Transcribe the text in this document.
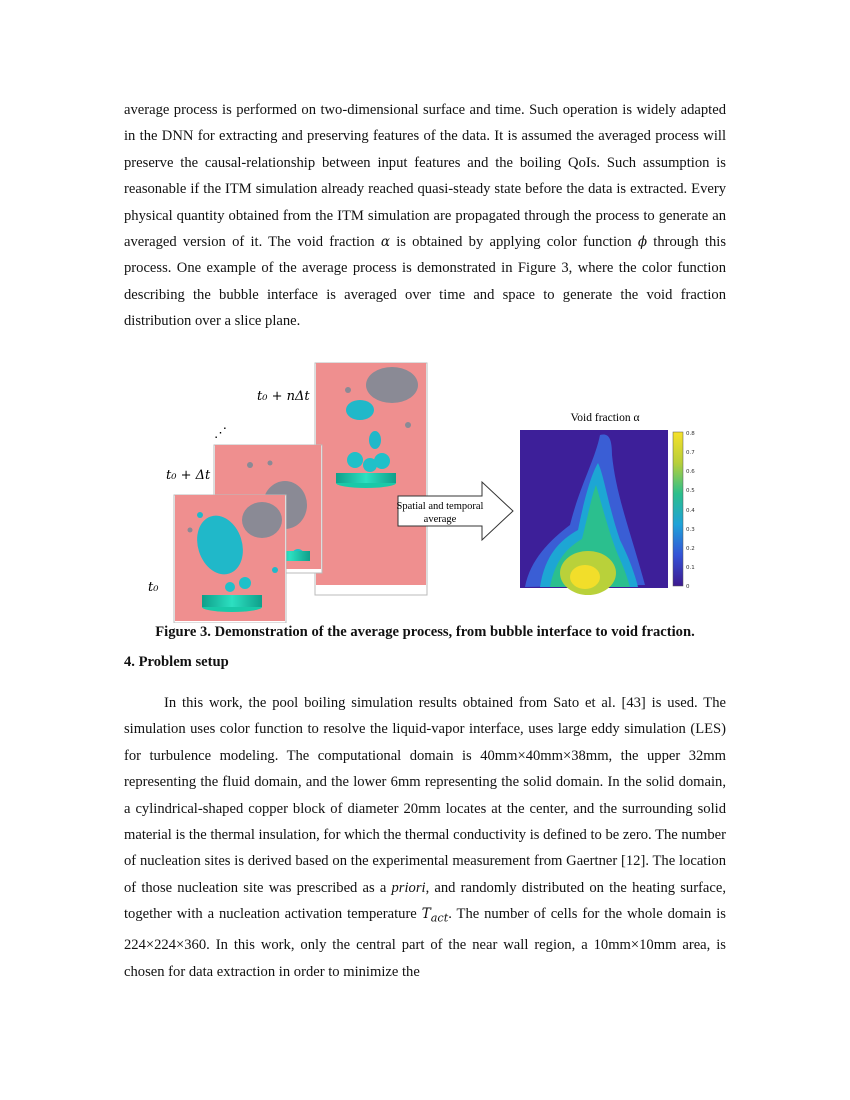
average process is performed on two-dimensional surface and time. Such operation is widely adapted in the DNN for extracting and preserving features of the data. It is assumed the averaged process will preserve the causal-relationship between input features and the boiling QoIs. Such assumption is reasonable if the ITM simulation already reached quasi-steady state before the data is extracted. Every physical quantity obtained from the ITM simulation are propagated through the process to generate an averaged version of it. The void fraction α is obtained by applying color function ϕ through this process. One example of the average process is demonstrated in Figure 3, where the color function describing the bubble interface is averaged over time and space to generate the void fraction distribution over a slice plane.

t₀ + nΔt
⋰
t₀ + Δt
t₀
Spatial and temporal
average
Void fraction α
0.8
0.7
0.6
0.5
0.4
0.3
0.2
0.1
0

Figure 3. Demonstration of the average process, from bubble interface to void fraction.

4. Problem setup

In this work, the pool boiling simulation results obtained from Sato et al. [43] is used. The simulation uses color function to resolve the liquid-vapor interface, uses large eddy simulation (LES) for turbulence modeling. The computational domain is 40mm×40mm×38mm, the upper 32mm representing the fluid domain, and the lower 6mm representing the solid domain. In the solid domain, a cylindrical-shaped copper block of diameter 20mm locates at the center, and the surrounding solid material is the thermal insulation, for which the thermal conductivity is defined to be zero. The number of nucleation sites is derived based on the experimental measurement from Gaertner [12]. The location of those nucleation site was prescribed as a priori, and randomly distributed on the heating surface, together with a nucleation activation temperature $T_{act}$. The number of cells for the whole domain is 224×224×360. In this work, only the central part of the near wall region, a 10mm×10mm area, is chosen for data extraction in order to minimize the
